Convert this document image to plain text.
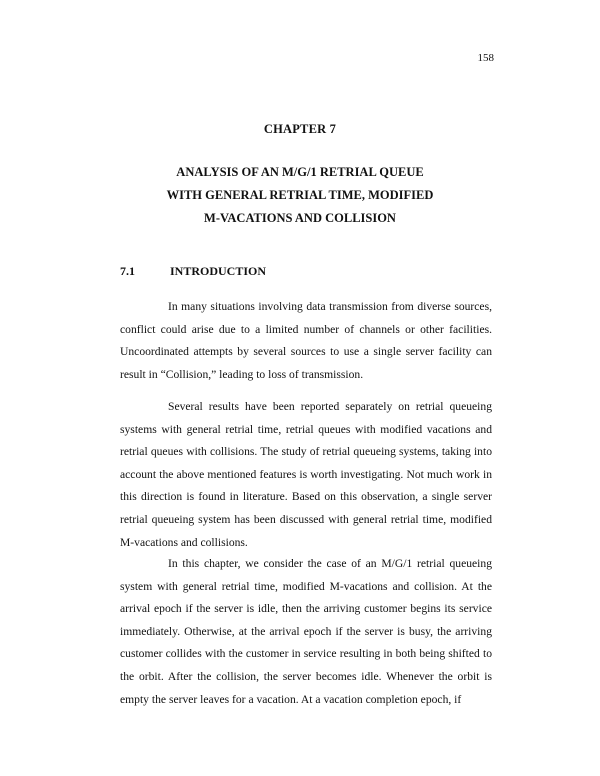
158
CHAPTER 7
ANALYSIS OF AN M/G/1 RETRIAL QUEUE
WITH GENERAL RETRIAL TIME, MODIFIED
M-VACATIONS AND COLLISION
7.1	INTRODUCTION

In many situations involving data transmission from diverse sources, conflict could arise due to a limited number of channels or other facilities. Uncoordinated attempts by several sources to use a single server facility can result in “Collision,” leading to loss of transmission.

Several results have been reported separately on retrial queueing systems with general retrial time, retrial queues with modified vacations and retrial queues with collisions. The study of retrial queueing systems, taking into account the above mentioned features is worth investigating. Not much work in this direction is found in literature. Based on this observation, a single server retrial queueing system has been discussed with general retrial time, modified M-vacations and collisions.

In this chapter, we consider the case of an M/G/1 retrial queueing system with general retrial time, modified M-vacations and collision. At the arrival epoch if the server is idle, then the arriving customer begins its service immediately. Otherwise, at the arrival epoch if the server is busy, the arriving customer collides with the customer in service resulting in both being shifted to the orbit. After the collision, the server becomes idle. Whenever the orbit is empty the server leaves for a vacation. At a vacation completion epoch, if
